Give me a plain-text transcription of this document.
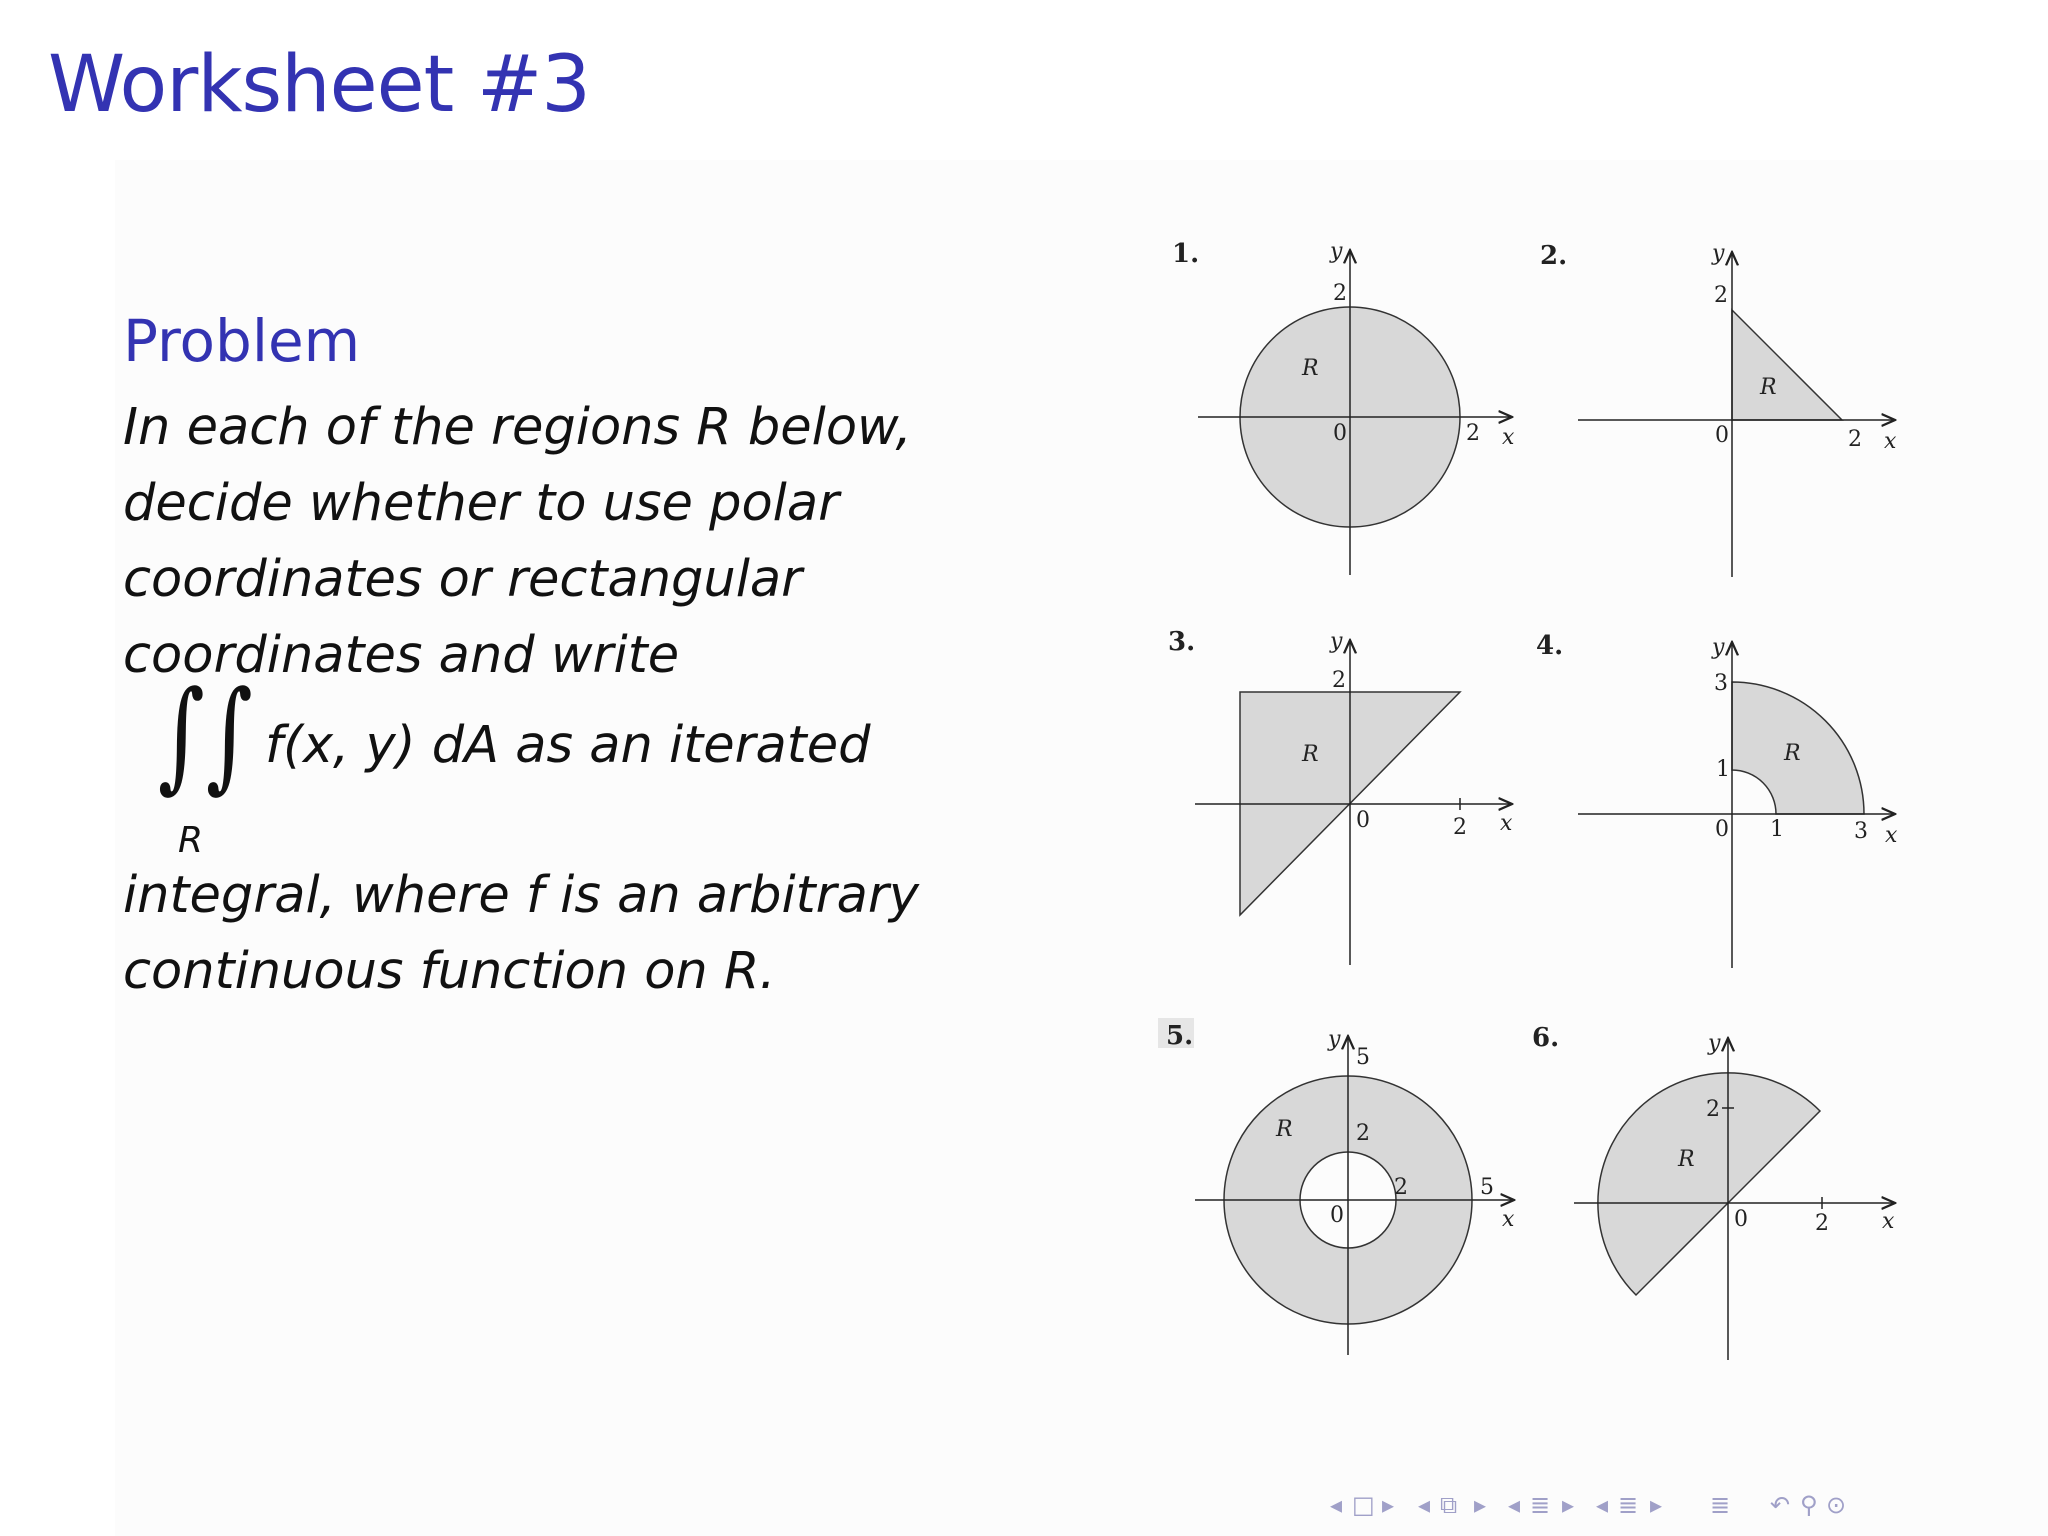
Worksheet #3
Problem
In each of the regions R below,
decide whether to use polar
coordinates or rectangular
coordinates and write
∫ ∫
R
f(x, y) dA as an iterated
integral, where f is an arbitrary
continuous function on R.
1.	y
x
0
2
2
R
2.	y
x
0
2
2
R
3.	y
x
0
2
2
R
4.	y
x
0
3
1
1	3
R
5.	y
x
0
5
2
2	5
R
6.	y
x
0
2
2
R
◂ □ ▸ ◂ ⧉ ▸ ◂ ≣ ▸ ◂ ≣ ▸ ≣ ↶ ⚲ ⊙
